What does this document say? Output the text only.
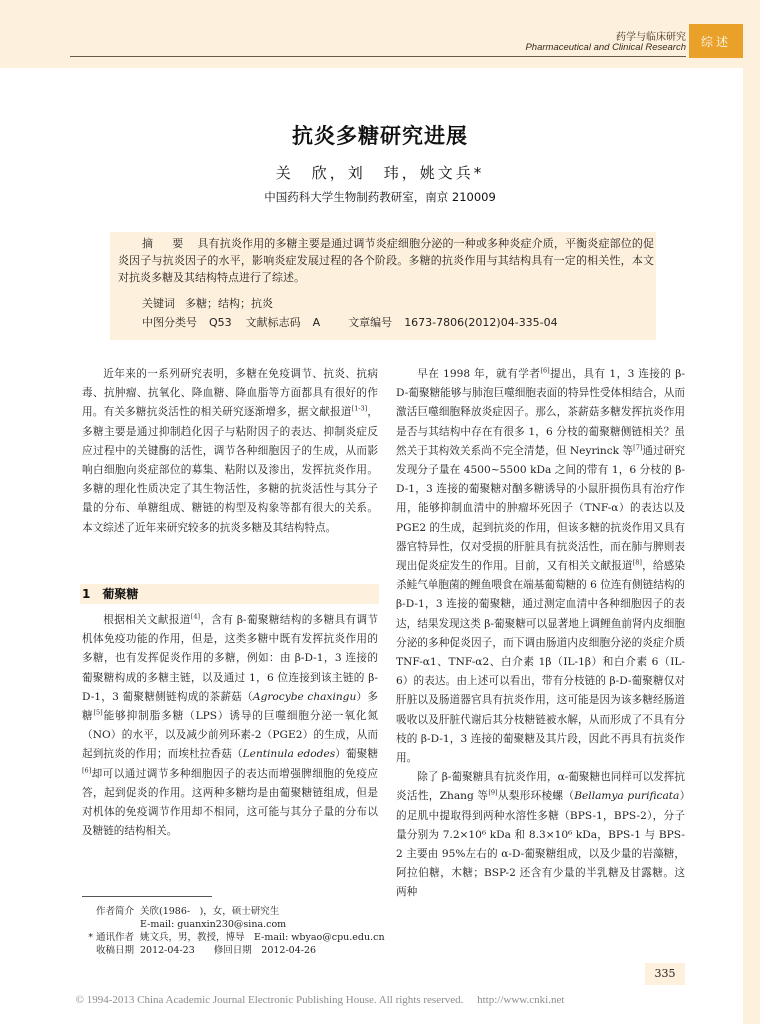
药学与临床研究
Pharmaceutical and Clinical Research	综述
抗炎多糖研究进展
关　欣，刘　玮，姚文兵*
中国药科大学生物制药教研室，南京 210009
摘　要 具有抗炎作用的多糖主要是通过调节炎症细胞分泌的一种或多种炎症介质，平衡炎症部位的促炎因子与抗炎因子的水平，影响炎症发展过程的各个阶段。多糖的抗炎作用与其结构具有一定的相关性，本文对抗炎多糖及其结构特点进行了综述。
关键词 多糖；结构；抗炎
中图分类号 Q53 文献标志码 A	文章编号 1673-7806(2012)04-335-04

近年来的一系列研究表明，多糖在免疫调节、抗炎、抗病毒、抗肿瘤、抗氧化、降血糖、降血脂等方面都具有很好的作用。有关多糖抗炎活性的相关研究逐渐增多，据文献报道[1-3]，多糖主要是通过抑制趋化因子与粘附因子的表达、抑制炎症反应过程中的关键酶的活性，调节各种细胞因子的生成，从而影响白细胞向炎症部位的募集、粘附以及渗出，发挥抗炎作用。多糖的理化性质决定了其生物活性，多糖的抗炎活性与其分子量的分布、单糖组成、糖链的构型及构象等都有很大的关系。本文综述了近年来研究较多的抗炎多糖及其结构特点。

1　葡聚糖

根据相关文献报道[4]，含有 β-葡聚糖结构的多糖具有调节机体免疫功能的作用，但是，这类多糖中既有发挥抗炎作用的多糖，也有发挥促炎作用的多糖，例如：由 β-D-1，3 连接的葡聚糖构成的多糖主链，以及通过 1，6 位连接到该主链的 β-D-1，3 葡聚糖侧链构成的茶薪菇（Agrocybe chaxingu）多糖[5]能够抑制脂多糖（LPS）诱导的巨噬细胞分泌一氧化氮（NO）的水平，以及减少前列环素-2（PGE2）的生成，从而起到抗炎的作用；而埃杜拉香菇（Lentinula edodes）葡聚糖[6]却可以通过调节多种细胞因子的表达而增强脾细胞的免疫应答，起到促炎的作用。这两种多糖均是由葡聚糖链组成，但是对机体的免疫调节作用却不相同，这可能与其分子量的分布以及糖链的结构相关。

早在 1998 年，就有学者[6]提出，具有 1，3 连接的 β-D-葡聚糖能够与肺泡巨噬细胞表面的特异性受体相结合，从而激活巨噬细胞释放炎症因子。那么，茶薪菇多糖发挥抗炎作用是否与其结构中存在有很多 1，6 分枝的葡聚糖侧链相关？虽然关于其构效关系尚不完全清楚，但 Neyrinck 等[7]通过研究发现分子量在 4500~5500 kDa 之间的带有 1，6 分枝的 β-D-1，3 连接的葡聚糖对酗多糖诱导的小鼠肝损伤具有治疗作用，能够抑制血清中的肿瘤坏死因子（TNF-α）的表达以及 PGE2 的生成，起到抗炎的作用，但该多糖的抗炎作用又具有器官特异性，仅对受损的肝脏具有抗炎活性，而在肺与脾则表现出促炎症发生的作用。目前，又有相关文献报道[8]，给感染杀鲑气单胞菌的鲤鱼喂食在端基葡萄糖的 6 位连有侧链结构的 β-D-1，3 连接的葡聚糖，通过测定血清中各种细胞因子的表达，结果发现这类 β-葡聚糖可以显著地上调鲤鱼前肾内皮细胞分泌的多种促炎因子，而下调由肠道内皮细胞分泌的炎症介质 TNF-α1、TNF-α2、白介素 1β（IL-1β）和白介素 6（IL-6）的表达。由上述可以看出，带有分枝链的 β-D-葡聚糖仅对肝脏以及肠道器官具有抗炎作用，这可能是因为该多糖经肠道吸收以及肝脏代谢后其分枝糖链被水解，从而形成了不具有分枝的 β-D-1，3 连接的葡聚糖及其片段，因此不再具有抗炎作用。

除了 β-葡聚糖具有抗炎作用，α-葡聚糖也同样可以发挥抗炎活性，Zhang 等[9]从梨形环棱螺（Bellamya purificata）的足肌中提取得到两种水溶性多糖（BPS-1，BPS-2），分子量分别为 7.2×10⁶ kDa 和 8.3×10⁶ kDa，BPS-1 与 BPS-2 主要由 95%左右的 α-D-葡聚糖组成，以及少量的岩藻糖，阿拉伯糖，木糖；BSP-2 还含有少量的半乳糖及甘露糖。这两种

作者简介 关欣(1986-　)，女，硕士研究生
E-mail: guanxin230@sina.com
* 通讯作者 姚文兵，男，教授，博导　E-mail: wbyao@cpu.edu.cn
收稿日期 2012-04-23　　修回日期　2012-04-26
335
© 1994-2013 China Academic Journal Electronic Publishing House. All rights reserved.　 http://www.cnki.net
